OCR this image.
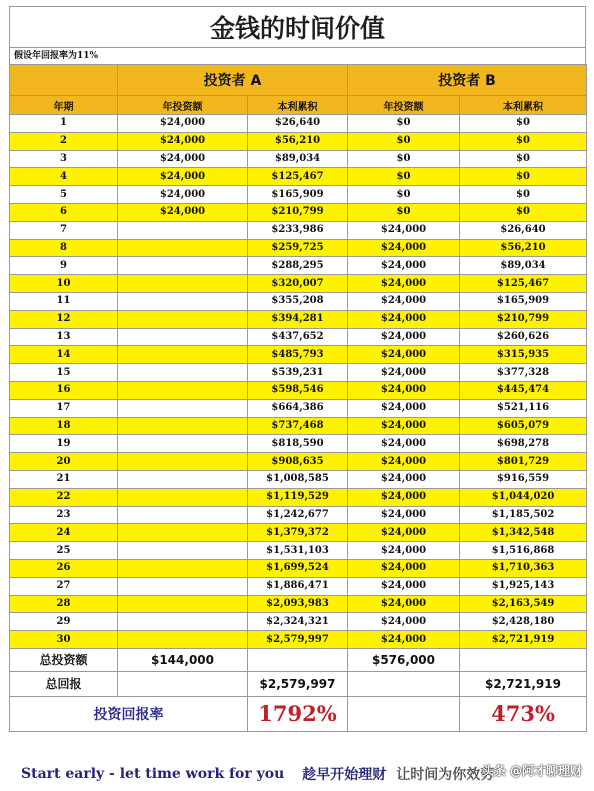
金钱的时间价值
假设年回报率为11%
	投资者 A		投资者 B	
年期	年投资额	本利累积	年投资额	本利累积
1	$24,000	$26,640	$0	$0
2	$24,000	$56,210	$0	$0
3	$24,000	$89,034	$0	$0
4	$24,000	$125,467	$0	$0
5	$24,000	$165,909	$0	$0
6	$24,000	$210,799	$0	$0
7		$233,986	$24,000	$26,640
8		$259,725	$24,000	$56,210
9		$288,295	$24,000	$89,034
10		$320,007	$24,000	$125,467
11		$355,208	$24,000	$165,909
12		$394,281	$24,000	$210,799
13		$437,652	$24,000	$260,626
14		$485,793	$24,000	$315,935
15		$539,231	$24,000	$377,328
16		$598,546	$24,000	$445,474
17		$664,386	$24,000	$521,116
18		$737,468	$24,000	$605,079
19		$818,590	$24,000	$698,278
20		$908,635	$24,000	$801,729
21		$1,008,585	$24,000	$916,559
22		$1,119,529	$24,000	$1,044,020
23		$1,242,677	$24,000	$1,185,502
24		$1,379,372	$24,000	$1,342,548
25		$1,531,103	$24,000	$1,516,868
26		$1,699,524	$24,000	$1,710,363
27		$1,886,471	$24,000	$1,925,143
28		$2,093,983	$24,000	$2,163,549
29		$2,324,321	$24,000	$2,428,180
30		$2,579,997	$24,000	$2,721,919
总投资额	$144,000		$576,000	
总回报		$2,579,997		$2,721,919
投资回报率		1792%		473%
Start early - let time work for you 趁早开始理财 让时间为你效劳
头条 @阿才聊理财
